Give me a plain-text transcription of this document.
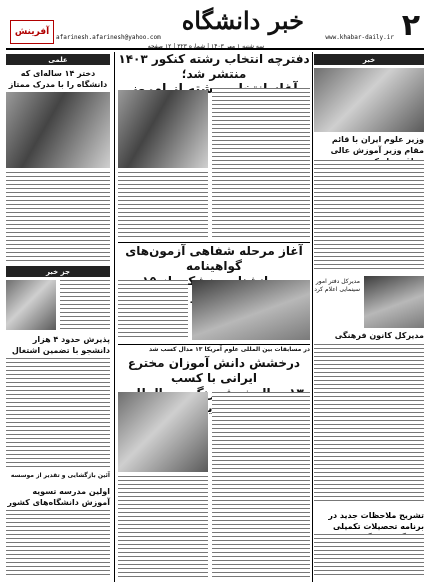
۲
خبر دانشگاه
آفرینش
afarinesh.afarinesh@yahoo.com	www.khabar-daily.ir
سه شنبه ۱ مهر ۱۴۰۳ | شماره ۳۲۳ | ۱۲ صفحه
خبر
وزیر علوم ایران با قائم مقام وزیر آموزش عالی
مدیرکل دفتر امور سینمایی اعلام کرد
مدیرکل کانون فرهنگی
تشریح ملاحظات جدید در برنامه تحصیلات تکمیلی
دفترچه انتخاب رشته کنکور ۱۴۰۳ منتشر شد؛
آغاز مرحله شفاهی آزمون‌های گواهینامه
در مسابقات بین المللی علوم آمریکا ۱۳ مدال کسب شد
درخشش دانش آموزان مخترع ایرانی با کسب
علمی
دختر ۱۴ ساله‌ای که دانشگاه را با مدرک ممتاز
جز خبر
پذیرش حدود ۴ هزار دانشجو با تضمین اشتغال
آئین بازگشایی و تقدیر از موسسه
اولین مدرسه تسویه آموزش دانشگاه‌های کشور
